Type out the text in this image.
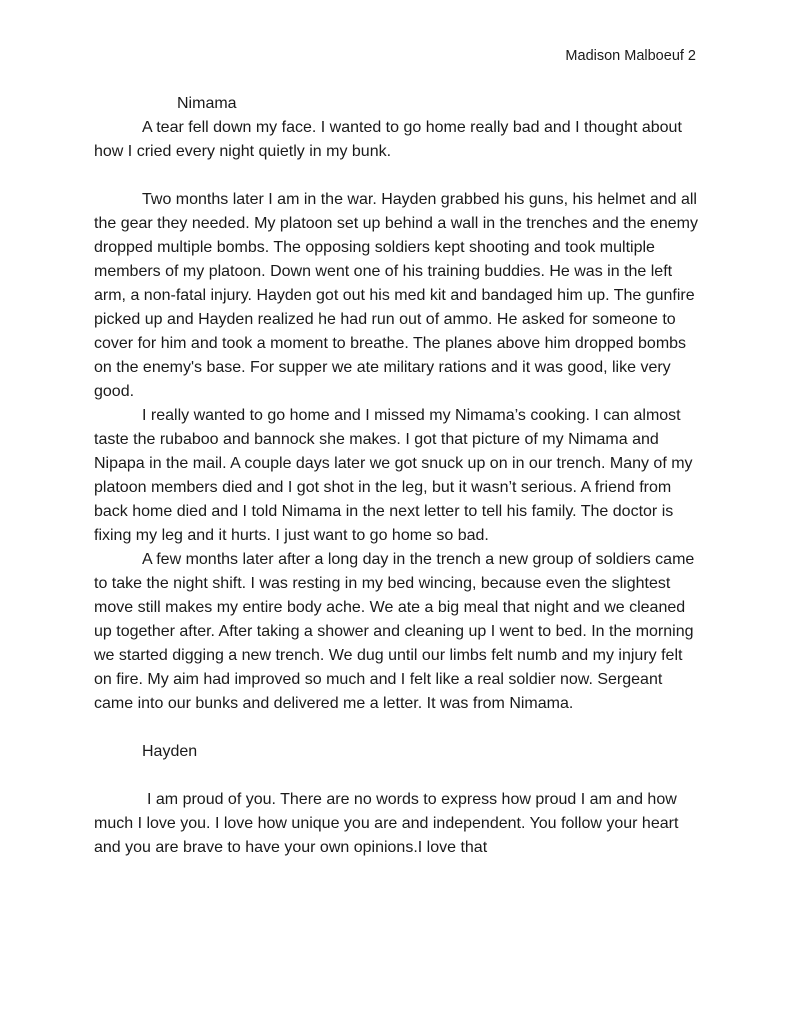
Madison Malboeuf 2

Nimama

A tear fell down my face. I wanted to go home really bad and I thought about how I cried every night quietly in my bunk.

Two months later I am in the war. Hayden grabbed his guns, his helmet and all the gear they needed. My platoon set up behind a wall in the trenches and the enemy dropped multiple bombs. The opposing soldiers kept shooting and took multiple members of my platoon. Down went one of his training buddies. He was in the left arm, a non-fatal injury. Hayden got out his med kit and bandaged him up. The gunfire picked up and Hayden realized he had run out of ammo. He asked for someone to cover for him and took a moment to breathe. The planes above him dropped bombs on the enemy's base. For supper we ate military rations and it was good, like very good.

I really wanted to go home and I missed my Nimama’s cooking. I can almost taste the rubaboo and bannock she makes. I got that picture of my Nimama and Nipapa in the mail. A couple days later we got snuck up on in our trench. Many of my platoon members died and I got shot in the leg, but it wasn’t serious. A friend from back home died and I told Nimama in the next letter to tell his family. The doctor is fixing my leg and it hurts. I just want to go home so bad.

A few months later after a long day in the trench a new group of soldiers came to take the night shift. I was resting in my bed wincing, because even the slightest move still makes my entire body ache. We ate a big meal that night and we cleaned up together after. After taking a shower and cleaning up I went to bed. In the morning we started digging a new trench. We dug until our limbs felt numb and my injury felt on fire. My aim had improved so much and I felt like a real soldier now. Sergeant came into our bunks and delivered me a letter. It was from Nimama.

Hayden

I am proud of you. There are no words to express how proud I am and how much I love you. I love how unique you are and independent. You follow your heart and you are brave to have your own opinions.I love that
